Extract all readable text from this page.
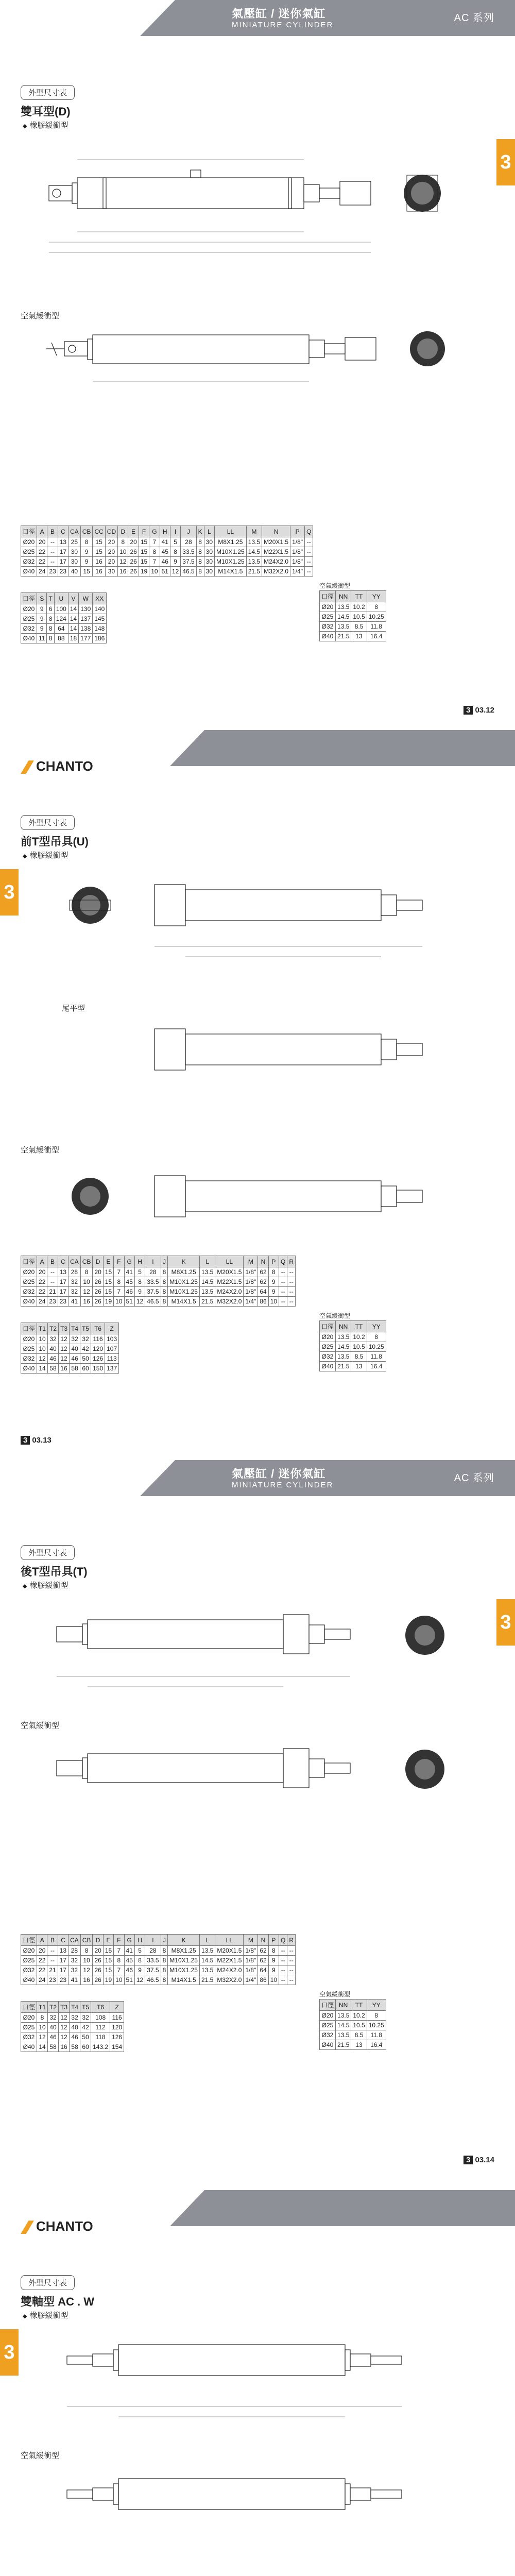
氣壓缸 / 迷你氣缸
MINIATURE CYLINDER
AC 系列
外型尺寸表
雙耳型(D)
◆ 橡膠緩衝型
3
空氣緩衝型
口徑	A	B	C	CA	CB	CC	CD	D	E	F	G	H	I	J	K	L	LL	M	N	P	Q
Ø20	20	--	13	25	8	15	20	8	20	15	7	41	5	28	8	30	M8X1.25	13.5	M20X1.5	1/8"	--
Ø25	22	--	17	30	9	15	20	10	26	15	8	45	8	33.5	8	30	M10X1.25	14.5	M22X1.5	1/8"	--
Ø32	22	--	17	30	9	16	20	12	26	15	7	46	9	37.5	8	30	M10X1.25	13.5	M24X2.0	1/8"	--
Ø40	24	23	23	40	15	16	30	16	26	19	10	51	12	46.5	8	30	M14X1.5	21.5	M32X2.0	1/4"	--
口徑	S	T	U	V	W	XX
Ø20	9	6	100	14	130	140
Ø25	9	8	124	14	137	145
Ø32	9	8	64	14	138	148
Ø40	11	8	88	18	177	186
空氣緩衝型
口徑	NN	TT	YY
Ø20	13.5	10.2	8
Ø25	14.5	10.5	10.25
Ø32	13.5	8.5	11.8
Ø40	21.5	13	16.4
3 03.12
CHANTO
外型尺寸表
前T型吊具(U)
◆ 橡膠緩衝型
3
尾平型
空氣緩衝型
口徑	A	B	C	CA	CB	D	E	F	G	H	I	J	K	L	LL	M	N	P	Q	R
Ø20	20	--	13	28	8	20	15	7	41	5	28	8	M8X1.25	13.5	M20X1.5	1/8"	62	8	--	--
Ø25	22	--	17	32	10	26	15	8	45	8	33.5	8	M10X1.25	14.5	M22X1.5	1/8"	62	9	--	--
Ø32	22	21	17	32	12	26	15	7	46	9	37.5	8	M10X1.25	13.5	M24X2.0	1/8"	64	9	--	--
Ø40	24	23	23	41	16	26	19	10	51	12	46.5	8	M14X1.5	21.5	M32X2.0	1/4"	86	10	--	--
口徑	T1	T2	T3	T4	T5	T6	Z
Ø20	10	32	12	32	32	116	103
Ø25	10	40	12	40	42	120	107
Ø32	12	46	12	46	50	126	113
Ø40	14	58	16	58	60	150	137
空氣緩衝型
口徑	NN	TT	YY
Ø20	13.5	10.2	8
Ø25	14.5	10.5	10.25
Ø32	13.5	8.5	11.8
Ø40	21.5	13	16.4
3 03.13
氣壓缸 / 迷你氣缸
MINIATURE CYLINDER
AC 系列
外型尺寸表
後T型吊具(T)
◆ 橡膠緩衝型
3
空氣緩衝型
口徑	A	B	C	CA	CB	D	E	F	G	H	I	J	K	L	LL	M	N	P	Q	R
Ø20	20	--	13	28	8	20	15	7	41	5	28	8	M8X1.25	13.5	M20X1.5	1/8"	62	8	--	--
Ø25	22	--	17	32	10	26	15	8	45	8	33.5	8	M10X1.25	14.5	M22X1.5	1/8"	62	9	--	--
Ø32	22	21	17	32	12	26	15	7	46	9	37.5	8	M10X1.25	13.5	M24X2.0	1/8"	64	9	--	--
Ø40	24	23	23	41	16	26	19	10	51	12	46.5	8	M14X1.5	21.5	M32X2.0	1/4"	86	10	--	--
口徑	T1	T2	T3	T4	T5	T6	Z
Ø20	8	32	12	32	32	108	116
Ø25	10	40	12	40	42	112	120
Ø32	12	46	12	46	50	118	126
Ø40	14	58	16	58	60	143.2	154
空氣緩衝型
口徑	NN	TT	YY
Ø20	13.5	10.2	8
Ø25	14.5	10.5	10.25
Ø32	13.5	8.5	11.8
Ø40	21.5	13	16.4
3 03.14
CHANTO
外型尺寸表
雙軸型 AC . W
◆ 橡膠緩衝型
3
空氣緩衝型
